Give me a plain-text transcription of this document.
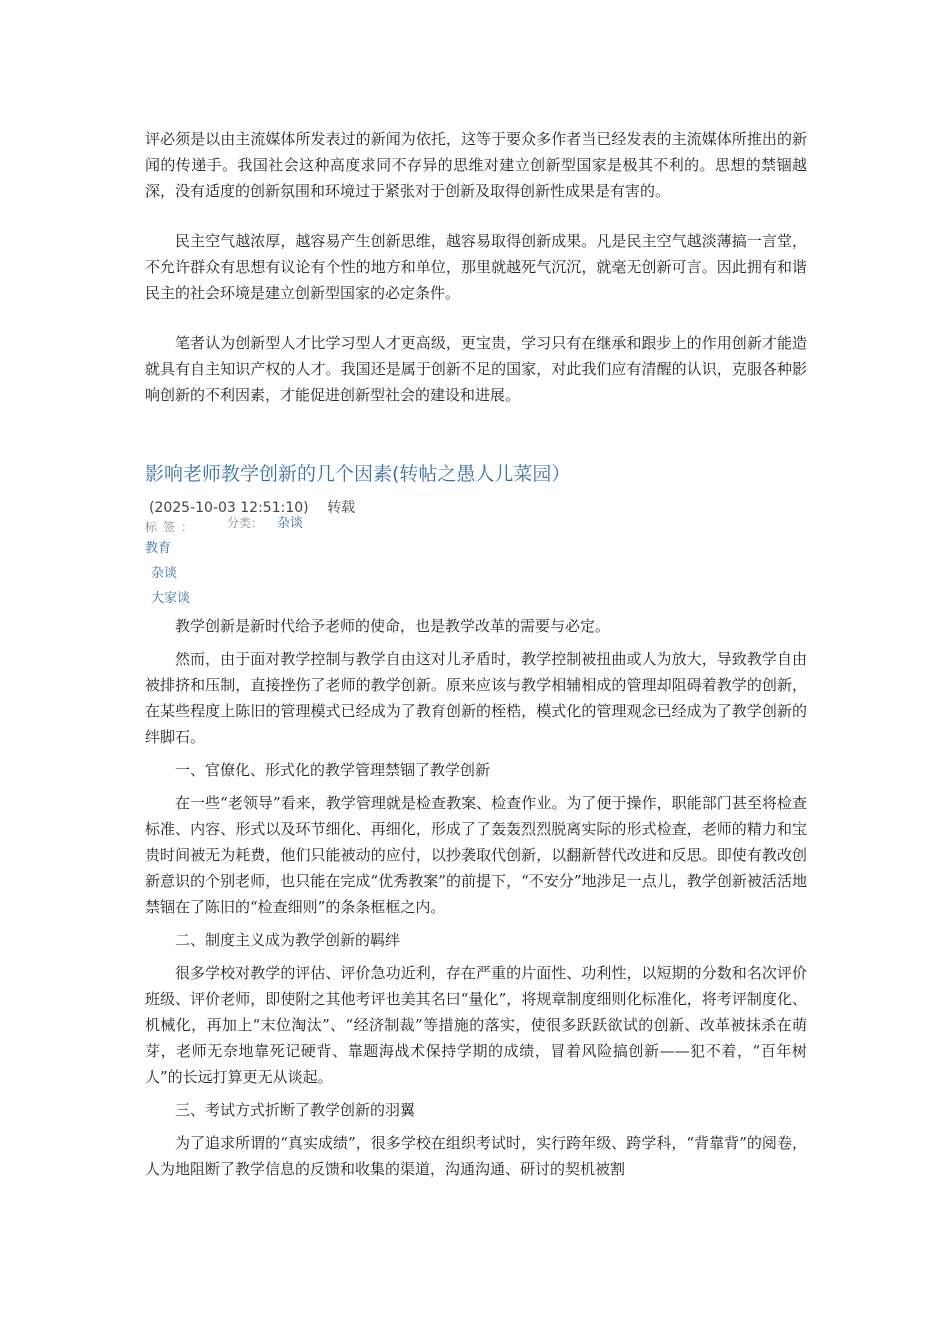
评必须是以由主流媒体所发表过的新闻为依托，这等于要众多作者当已经发表的主流媒体所推出的新闻的传递手。我国社会这种高度求同不存异的思维对建立创新型国家是极其不利的。思想的禁锢越深，没有适度的创新氛围和环境过于紧张对于创新及取得创新性成果是有害的。

民主空气越浓厚，越容易产生创新思维，越容易取得创新成果。凡是民主空气越淡薄搞一言堂，不允许群众有思想有议论有个性的地方和单位，那里就越死气沉沉，就毫无创新可言。因此拥有和谐民主的社会环境是建立创新型国家的必定条件。

笔者认为创新型人才比学习型人才更高级，更宝贵，学习只有在继承和跟步上的作用创新才能造就具有自主知识产权的人才。我国还是属于创新不足的国家，对此我们应有清醒的认识，克服各种影响创新的不利因素，才能促进创新型社会的建设和进展。

影响老师教学创新的几个因素(转帖之愚人儿菜园）
(2025-10-03 12:51:10) 转载
标签： 分类： 杂谈
教育
杂谈
大家谈

教学创新是新时代给予老师的使命，也是教学改革的需要与必定。

然而，由于面对教学控制与教学自由这对儿矛盾时，教学控制被扭曲或人为放大，导致教学自由被排挤和压制，直接挫伤了老师的教学创新。原来应该与教学相辅相成的管理却阻碍着教学的创新，在某些程度上陈旧的管理模式已经成为了教育创新的桎梏，模式化的管理观念已经成为了教学创新的绊脚石。

一、官僚化、形式化的教学管理禁锢了教学创新

在一些“老领导”看来，教学管理就是检查教案、检查作业。为了便于操作，职能部门甚至将检查标准、内容、形式以及环节细化、再细化，形成了了轰轰烈烈脱离实际的形式检查，老师的精力和宝贵时间被无为耗费，他们只能被动的应付，以抄袭取代创新，以翻新替代改进和反思。即使有教改创新意识的个别老师，也只能在完成“优秀教案”的前提下，“不安分”地涉足一点儿，教学创新被活活地禁锢在了陈旧的“检查细则”的条条框框之内。

二、制度主义成为教学创新的羁绊

很多学校对教学的评估、评价急功近利，存在严重的片面性、功利性，以短期的分数和名次评价班级、评价老师，即使附之其他考评也美其名曰“量化”，将规章制度细则化标准化，将考评制度化、机械化，再加上“末位淘汰”、“经济制裁”等措施的落实，使很多跃跃欲试的创新、改革被抹杀在萌芽，老师无奈地靠死记硬背、靠题海战术保持学期的成绩，冒着风险搞创新——犯不着，“百年树人”的长远打算更无从谈起。

三、考试方式折断了教学创新的羽翼

为了追求所谓的“真实成绩”，很多学校在组织考试时，实行跨年级、跨学科，“背靠背”的阅卷，人为地阻断了教学信息的反馈和收集的渠道，沟通沟通、研讨的契机被割
